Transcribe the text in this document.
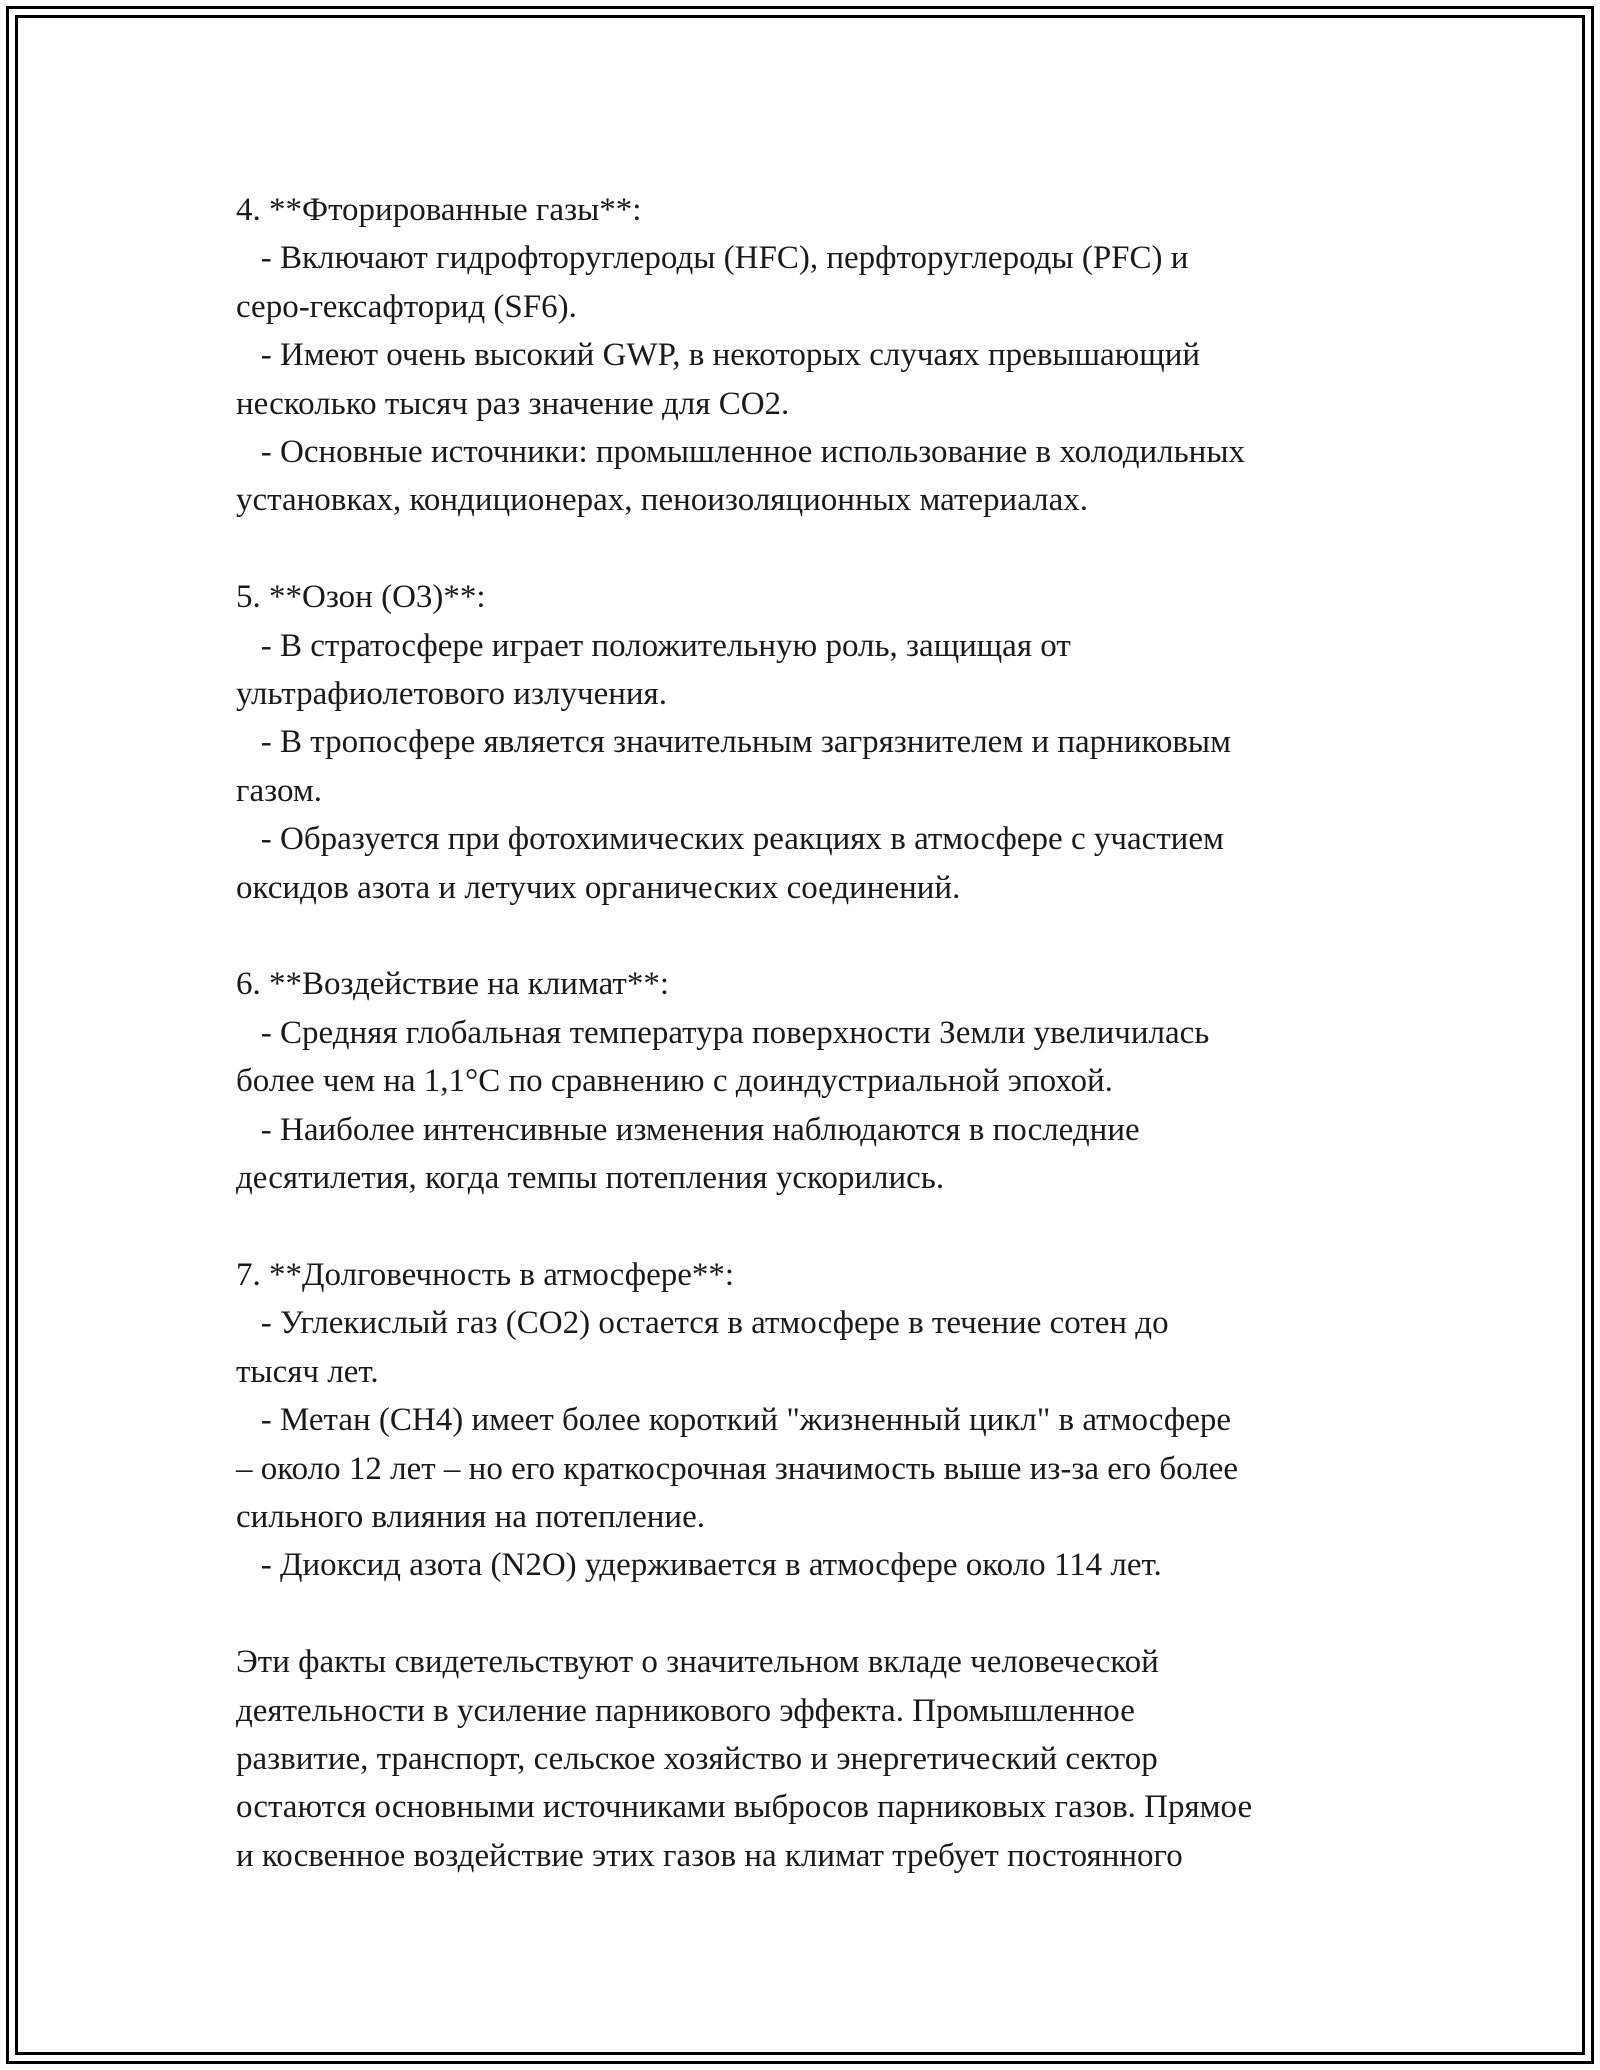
4. **Фторированные газы**:

- Включают гидрофторуглероды (HFC), перфторуглероды (PFC) и

серо-гексафторид (SF6).

- Имеют очень высокий GWP, в некоторых случаях превышающий

несколько тысяч раз значение для CO2.

- Основные источники: промышленное использование в холодильных

установках, кондиционерах, пеноизоляционных материалах.

5. **Озон (O3)**:

- В стратосфере играет положительную роль, защищая от

ультрафиолетового излучения.

- В тропосфере является значительным загрязнителем и парниковым

газом.

- Образуется при фотохимических реакциях в атмосфере с участием

оксидов азота и летучих органических соединений.

6. **Воздействие на климат**:

- Средняя глобальная температура поверхности Земли увеличилась

более чем на 1,1°C по сравнению с доиндустриальной эпохой.

- Наиболее интенсивные изменения наблюдаются в последние

десятилетия, когда темпы потепления ускорились.

7. **Долговечность в атмосфере**:

- Углекислый газ (CO2) остается в атмосфере в течение сотен до

тысяч лет.

- Метан (CH4) имеет более короткий "жизненный цикл" в атмосфере

– около 12 лет – но его краткосрочная значимость выше из-за его более

сильного влияния на потепление.

- Диоксид азота (N2O) удерживается в атмосфере около 114 лет.

Эти факты свидетельствуют о значительном вкладе человеческой

деятельности в усиление парникового эффекта. Промышленное

развитие, транспорт, сельское хозяйство и энергетический сектор

остаются основными источниками выбросов парниковых газов. Прямое

и косвенное воздействие этих газов на климат требует постоянного
